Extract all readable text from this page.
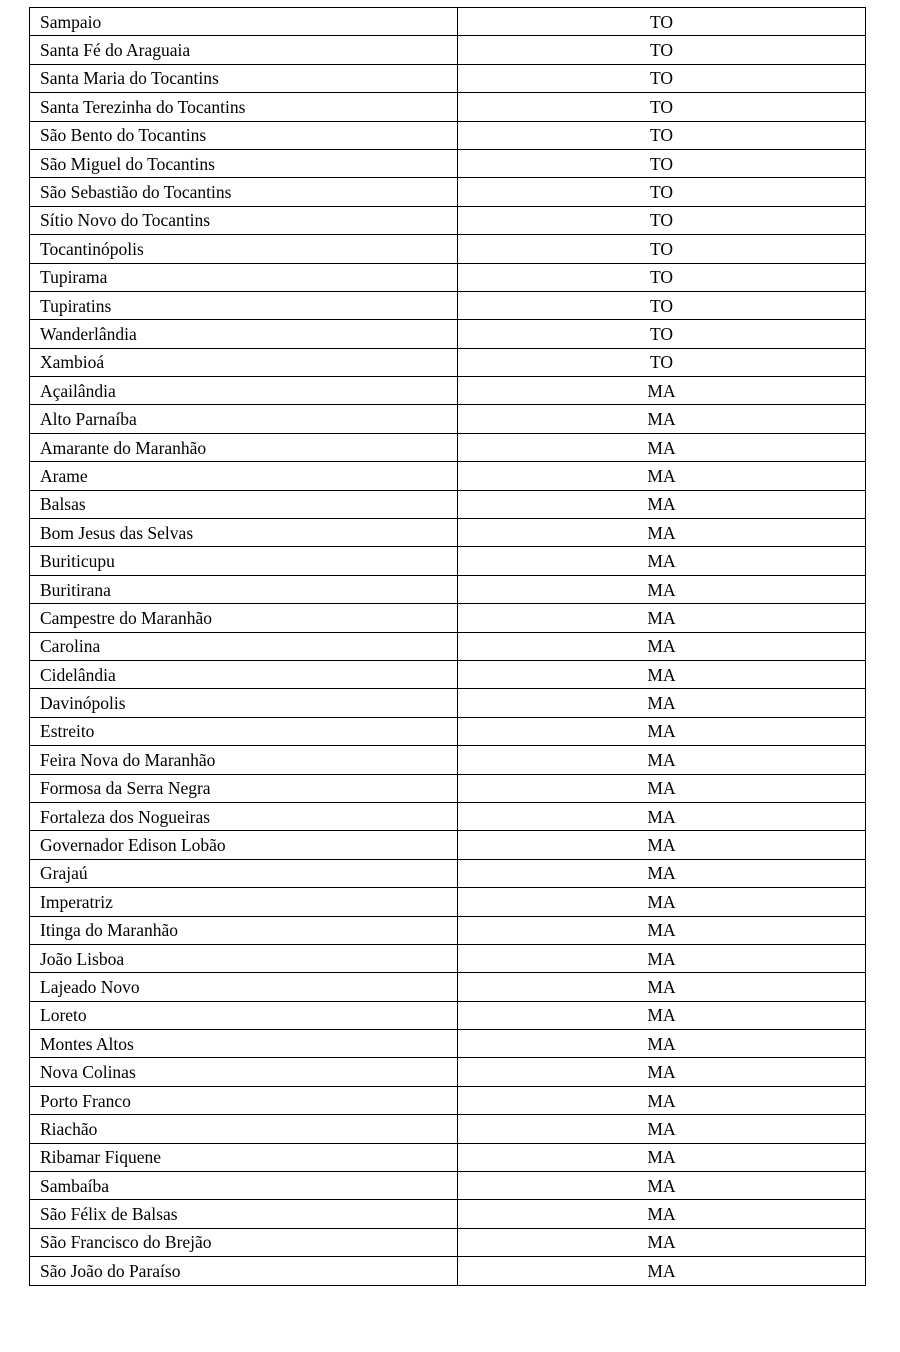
Sampaio	TO
Santa Fé do Araguaia	TO
Santa Maria do Tocantins	TO
Santa Terezinha do Tocantins	TO
São Bento do Tocantins	TO
São Miguel do Tocantins	TO
São Sebastião do Tocantins	TO
Sítio Novo do Tocantins	TO
Tocantinópolis	TO
Tupirama	TO
Tupiratins	TO
Wanderlândia	TO
Xambioá	TO
Açailândia	MA
Alto Parnaíba	MA
Amarante do Maranhão	MA
Arame	MA
Balsas	MA
Bom Jesus das Selvas	MA
Buriticupu	MA
Buritirana	MA
Campestre do Maranhão	MA
Carolina	MA
Cidelândia	MA
Davinópolis	MA
Estreito	MA
Feira Nova do Maranhão	MA
Formosa da Serra Negra	MA
Fortaleza dos Nogueiras	MA
Governador Edison Lobão	MA
Grajaú	MA
Imperatriz	MA
Itinga do Maranhão	MA
João Lisboa	MA
Lajeado Novo	MA
Loreto	MA
Montes Altos	MA
Nova Colinas	MA
Porto Franco	MA
Riachão	MA
Ribamar Fiquene	MA
Sambaíba	MA
São Félix de Balsas	MA
São Francisco do Brejão	MA
São João do Paraíso	MA
